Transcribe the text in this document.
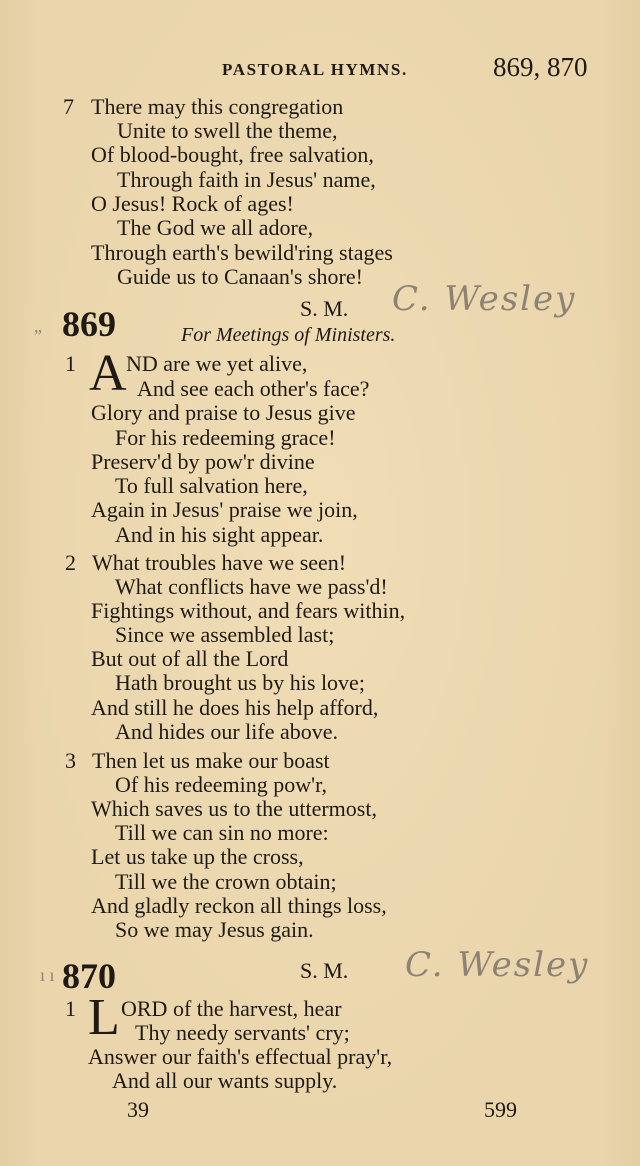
PASTORAL HYMNS.	869, 870
7 There may this congregation
Unite to swell the theme,
Of blood-bought, free salvation,
Through faith in Jesus' name,
O Jesus! Rock of ages!
The God we all adore,
Through earth's bewild'ring stages
Guide us to Canaan's shore!
„ 869	S. M.
For Meetings of Ministers.
C. Wesley
1 A ND are we yet alive,
And see each other's face?
Glory and praise to Jesus give
For his redeeming grace!
Preserv'd by pow'r divine
To full salvation here,
Again in Jesus' praise we join,
And in his sight appear.
2 What troubles have we seen!
What conflicts have we pass'd!
Fightings without, and fears within,
Since we assembled last;
But out of all the Lord
Hath brought us by his love;
And still he does his help afford,
And hides our life above.
3 Then let us make our boast
Of his redeeming pow'r,
Which saves us to the uttermost,
Till we can sin no more:
Let us take up the cross,
Till we the crown obtain;
And gladly reckon all things loss,
So we may Jesus gain.
ı ı 870	S. M. C. Wesley
1 L ORD of the harvest, hear
Thy needy servants' cry;
Answer our faith's effectual pray'r,
And all our wants supply.
39	599
